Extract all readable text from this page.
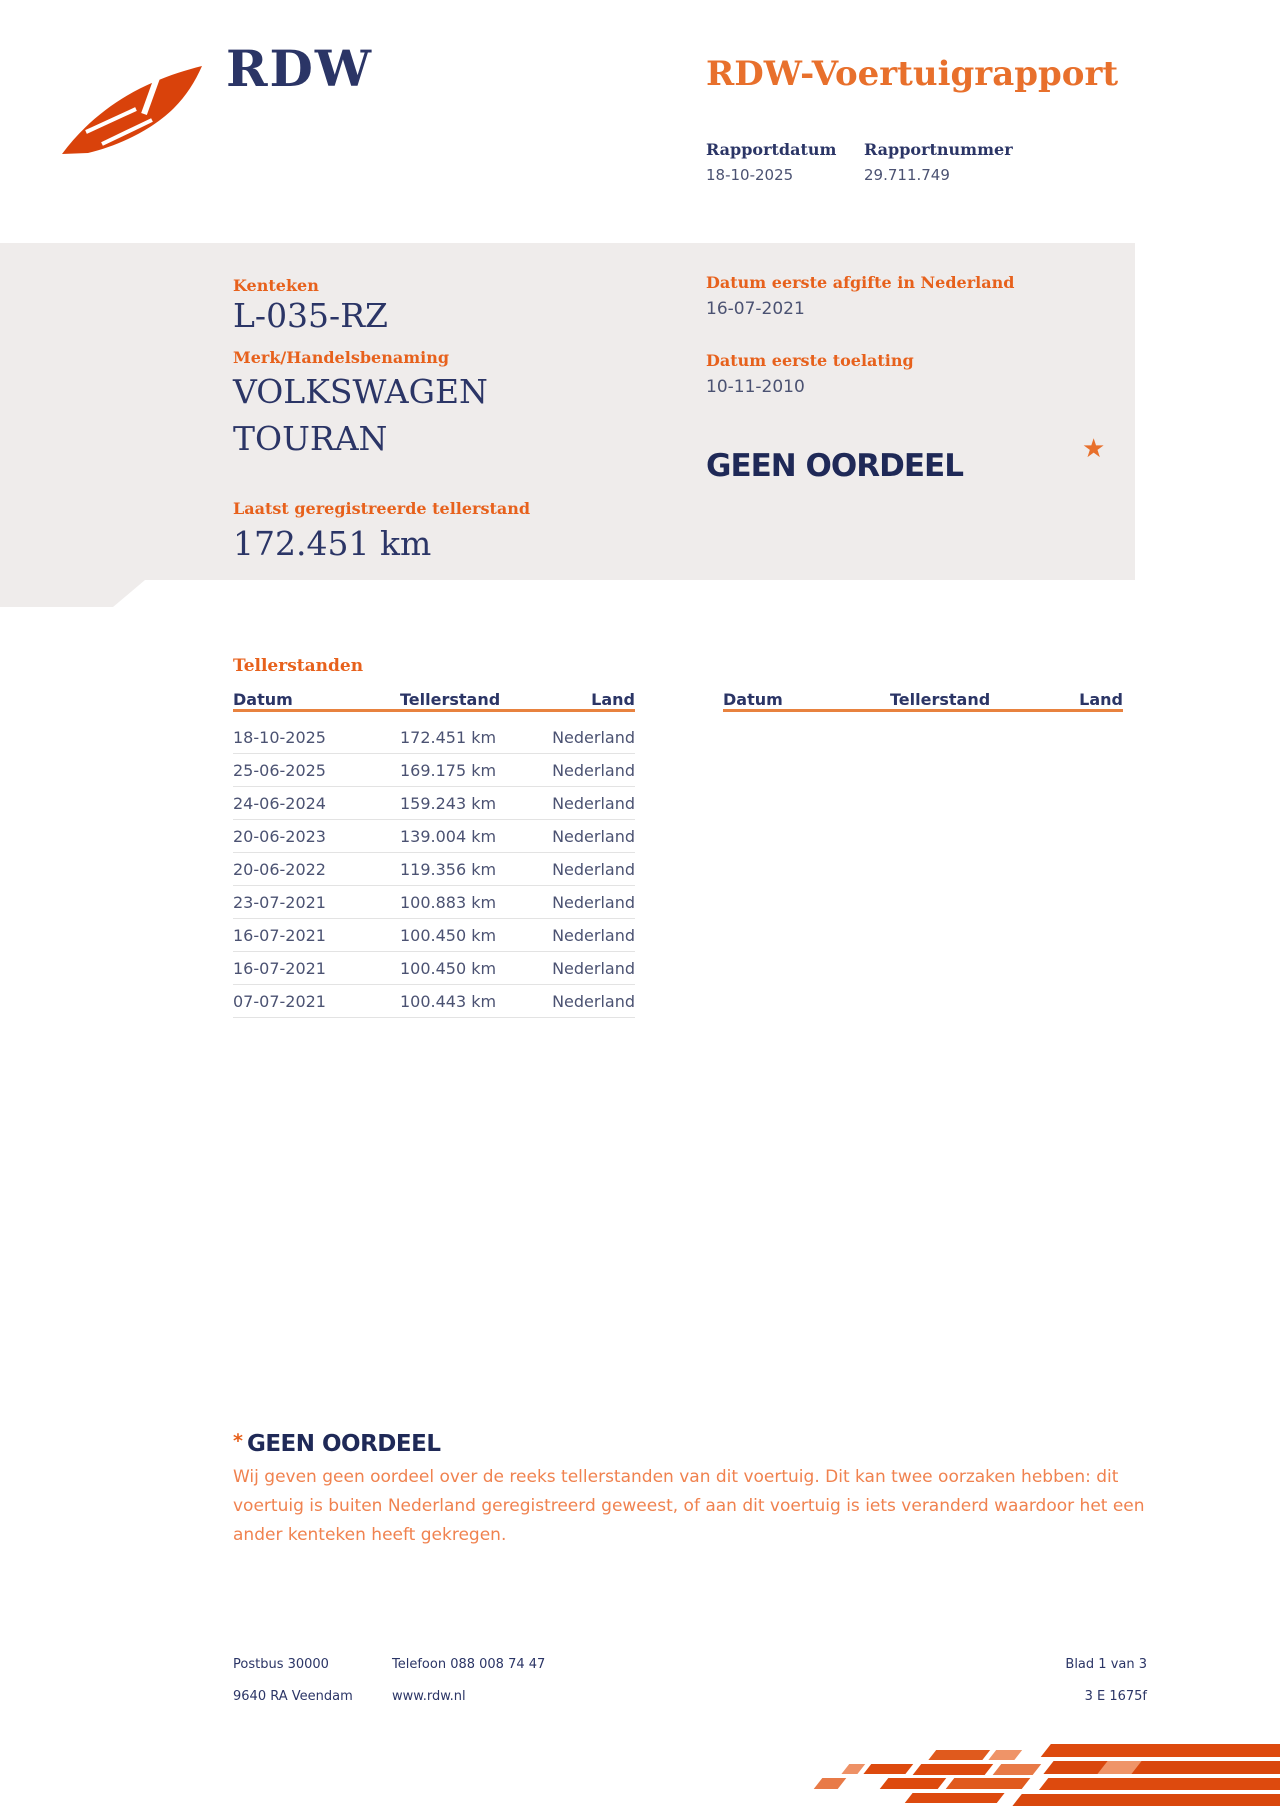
RDW	RDW-Voertuigrapport
Rapportdatum
18-10-2025
Rapportnummer
29.711.749
Kenteken
L-035-RZ
Merk/Handelsbenaming
VOLKSWAGEN
TOURAN
Laatst geregistreerde tellerstand
172.451 km
Datum eerste afgifte in Nederland
16-07-2021
Datum eerste toelating
10-11-2010
GEEN OORDEEL	★
Tellerstanden
Datum	Tellerstand	Land
18-10-2025	172.451 km	Nederland
25-06-2025	169.175 km	Nederland
24-06-2024	159.243 km	Nederland
20-06-2023	139.004 km	Nederland
20-06-2022	119.356 km	Nederland
23-07-2021	100.883 km	Nederland
16-07-2021	100.450 km	Nederland
16-07-2021	100.450 km	Nederland
07-07-2021	100.443 km	Nederland
Datum	Tellerstand	Land
* GEEN OORDEEL
Wij geven geen oordeel over de reeks tellerstanden van dit voertuig. Dit kan twee oorzaken hebben: dit
voertuig is buiten Nederland geregistreerd geweest, of aan dit voertuig is iets veranderd waardoor het een
ander kenteken heeft gekregen.
Postbus 30000
9640 RA Veendam
Telefoon 088 008 74 47
www.rdw.nl
Blad 1 van 3
3 E 1675f
